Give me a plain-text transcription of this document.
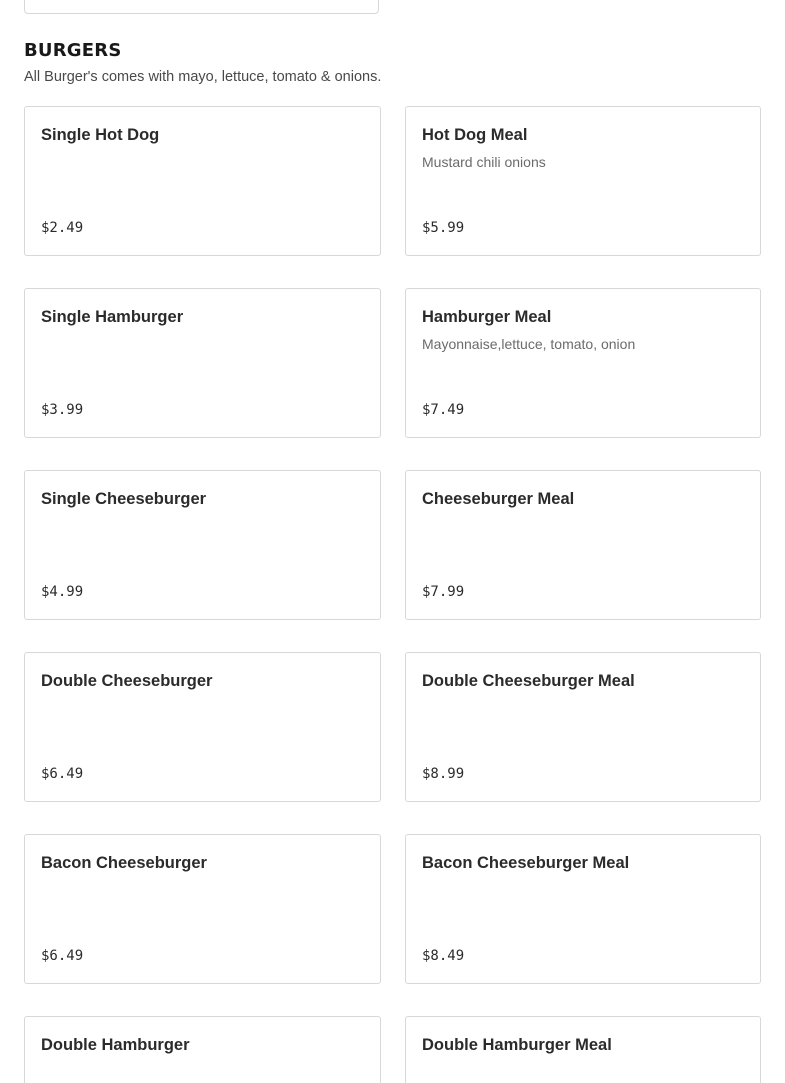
BURGERS
All Burger's comes with mayo, lettuce, tomato & onions.
Single Hot Dog
$2.49
Hot Dog Meal
Mustard chili onions
$5.99
Single Hamburger
$3.99
Hamburger Meal
Mayonnaise,lettuce, tomato, onion
$7.49
Single Cheeseburger
$4.99
Cheeseburger Meal
$7.99
Double Cheeseburger
$6.49
Double Cheeseburger Meal
$8.99
Bacon Cheeseburger
$6.49
Bacon Cheeseburger Meal
$8.49
Double Hamburger	Double Hamburger Meal
